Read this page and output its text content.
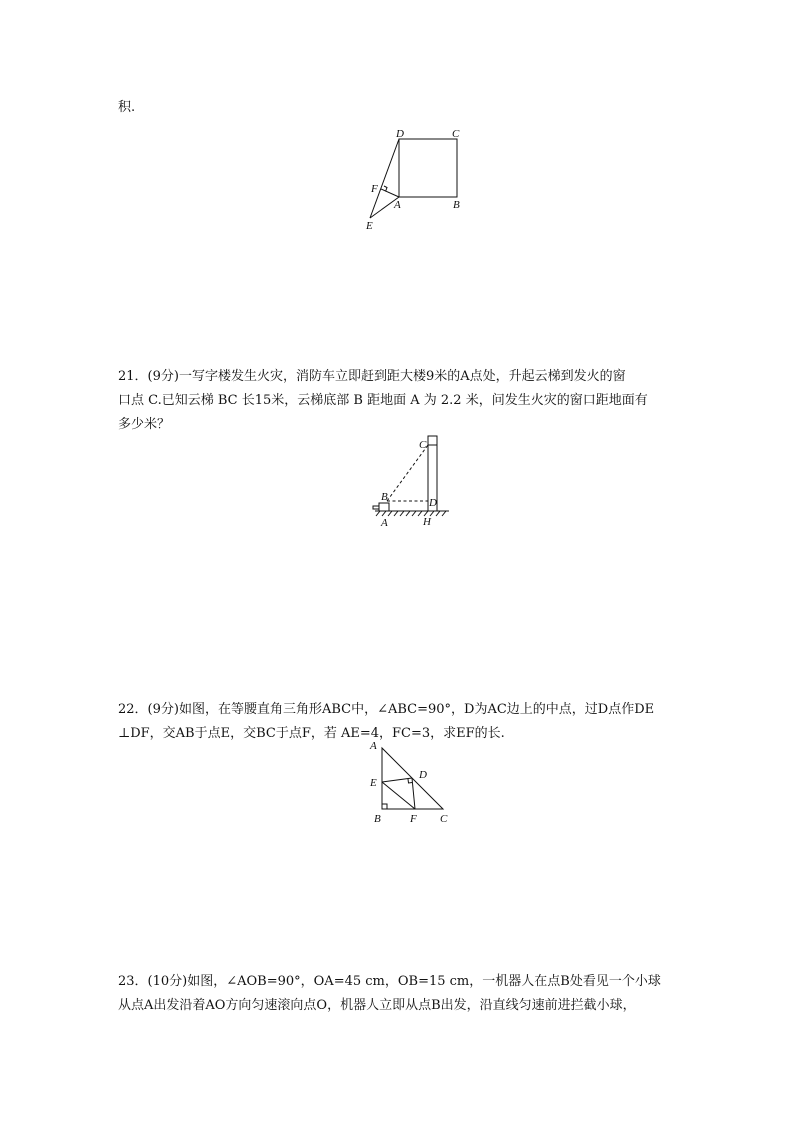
积.
D	C
F
A	B
E
21．(9分)一写字楼发生火灾，消防车立即赶到距大楼9米的A点处，升起云梯到发火的窗
口点 C.已知云梯 BC 长15米，云梯底部 B 距地面 A 为 2.2 米，问发生火灾的窗口距地面有
多少米？
C
B	D
A	H
22．(9分)如图，在等腰直角三角形ABC中，∠ABC=90°，D为AC边上的中点，过D点作DE
⊥DF，交AB于点E，交BC于点F，若 AE=4，FC=3，求EF的长.
A
D
E
B	F C
23．(10分)如图，∠AOB=90°，OA=45 cm，OB=15 cm，一机器人在点B处看见一个小球
从点A出发沿着AO方向匀速滚向点O，机器人立即从点B出发，沿直线匀速前进拦截小球，
